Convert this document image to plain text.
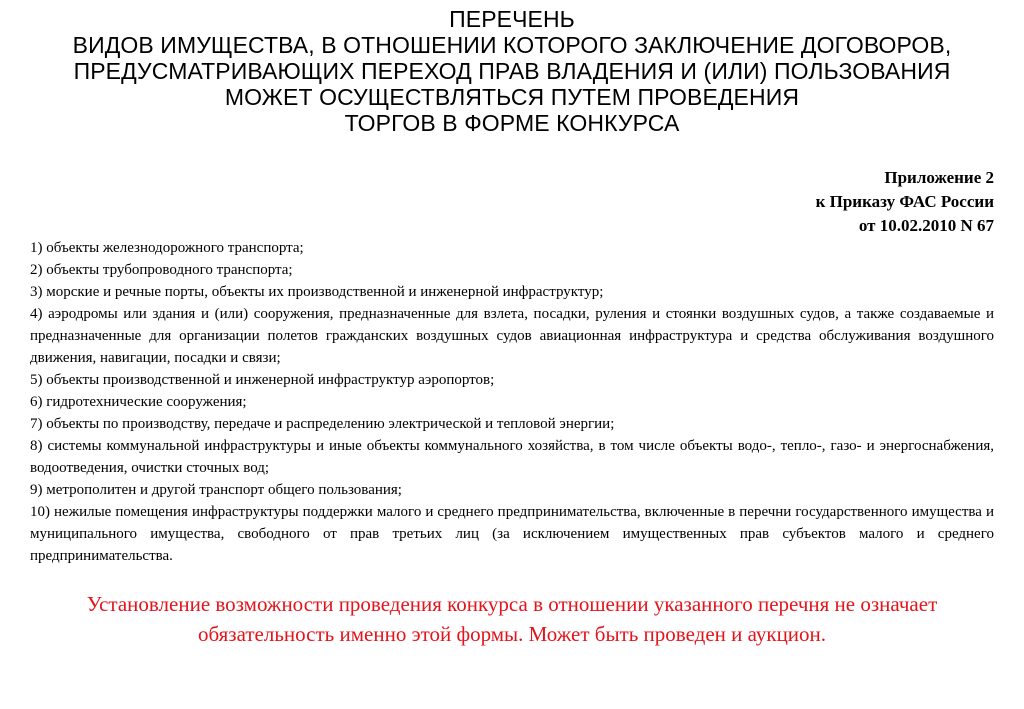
ПЕРЕЧЕНЬ
ВИДОВ ИМУЩЕСТВА, В ОТНОШЕНИИ КОТОРОГО ЗАКЛЮЧЕНИЕ ДОГОВОРОВ,
ПРЕДУСМАТРИВАЮЩИХ ПЕРЕХОД ПРАВ ВЛАДЕНИЯ И (ИЛИ) ПОЛЬЗОВАНИЯ
МОЖЕТ ОСУЩЕСТВЛЯТЬСЯ ПУТЕМ ПРОВЕДЕНИЯ
ТОРГОВ В ФОРМЕ КОНКУРСА
Приложение 2
к Приказу ФАС России
от 10.02.2010 N 67

1) объекты железнодорожного транспорта;

2) объекты трубопроводного транспорта;

3) морские и речные порты, объекты их производственной и инженерной инфраструктур;

4) аэродромы или здания и (или) сооружения, предназначенные для взлета, посадки, руления и стоянки воздушных судов, а также создаваемые и предназначенные для организации полетов гражданских воздушных судов авиационная инфраструктура и средства обслуживания воздушного движения, навигации, посадки и связи;

5) объекты производственной и инженерной инфраструктур аэропортов;

6) гидротехнические сооружения;

7) объекты по производству, передаче и распределению электрической и тепловой энергии;

8) системы коммунальной инфраструктуры и иные объекты коммунального хозяйства, в том числе объекты водо-, тепло-, газо- и энергоснабжения, водоотведения, очистки сточных вод;

9) метрополитен и другой транспорт общего пользования;

10) нежилые помещения инфраструктуры поддержки малого и среднего предпринимательства, включенные в перечни государственного имущества и муниципального имущества, свободного от прав третьих лиц (за исключением имущественных прав субъектов малого и среднего предпринимательства.

Установление возможности проведения конкурса в отношении указанного перечня не означает обязательность именно этой формы. Может быть проведен и аукцион.
